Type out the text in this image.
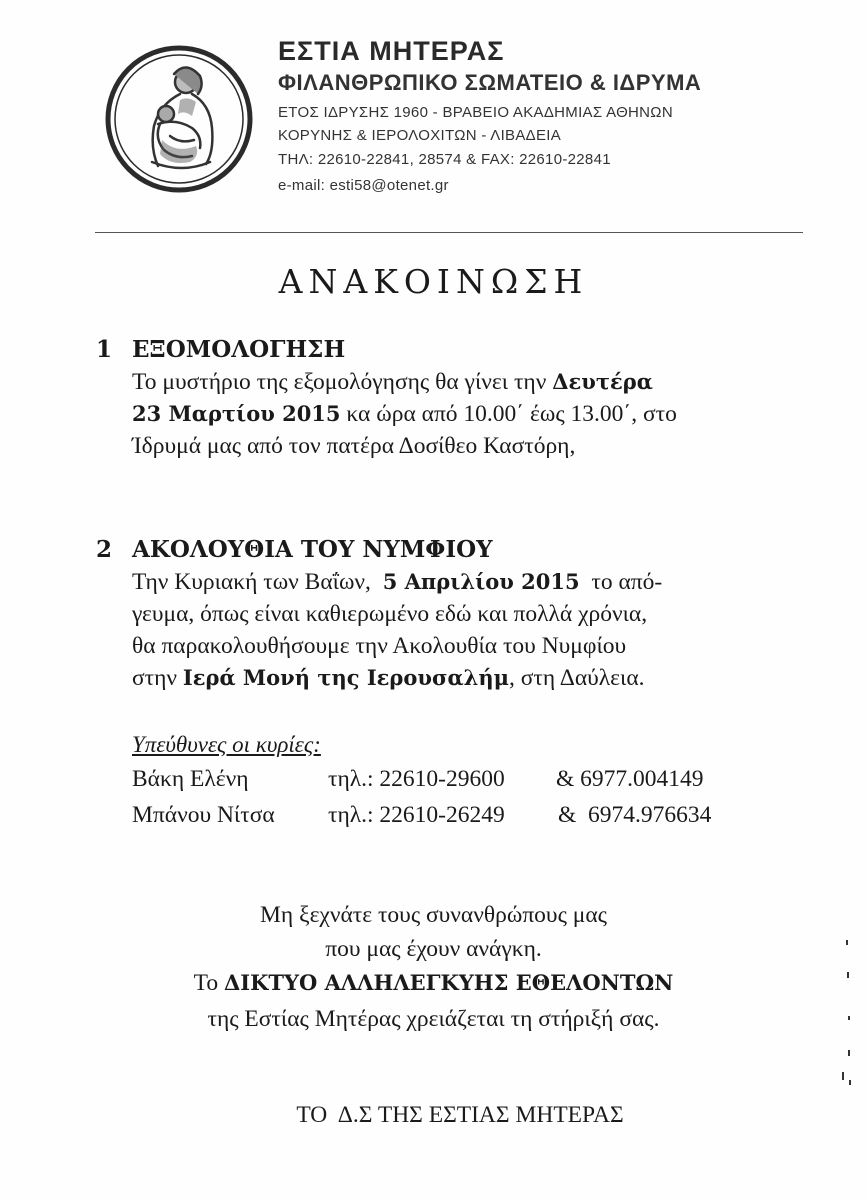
ΕΣΤΙΑ ΜΗΤΕΡΑΣ
ΦΙΛΑΝΘΡΩΠΙΚΟ ΣΩΜΑΤΕΙΟ & ΙΔΡΥΜΑ
ΕΤΟΣ ΙΔΡΥΣΗΣ 1960 - ΒΡΑΒΕΙΟ ΑΚΑΔΗΜΙΑΣ ΑΘΗΝΩΝ
ΚΟΡΥΝΗΣ & ΙΕΡΟΛΟΧΙΤΩΝ - ΛΙΒΑΔΕΙΑ
ΤΗΛ: 22610-22841, 28574 & FAX: 22610-22841
e-mail: esti58@otenet.gr
ΑΝΑΚΟΙΝΩΣΗ
1 ΕΞΟΜΟΛΟΓΗΣΗ
Το μυστήριο της εξομολόγησης θα γίνει την Δευτέρα
23 Μαρτίου 2015 κα ώρα από 10.00΄ έως 13.00΄, στο
Ίδρυμά μας από τον πατέρα Δοσίθεο Καστόρη,
2 ΑΚΟΛΟΥΘΙΑ ΤΟΥ ΝΥΜΦΙΟΥ
Την Κυριακή των Βαΐων,  5 Απριλίου 2015  το από-
γευμα, όπως είναι καθιερωμένο εδώ και πολλά χρόνια,
θα παρακολουθήσουμε την Ακολουθία του Νυμφίου
στην Ιερά Μονή της Ιερουσαλήμ, στη Δαύλεια.
Υπεύθυνες οι κυρίες:
Βάκη Ελένη	τηλ.: 22610-29600 & 6977.004149
Μπάνου Νίτσα τηλ.: 22610-26249 &  6974.976634
Μη ξεχνάτε τους συνανθρώπους μας
που μας έχουν ανάγκη.
Το ΔΙΚΤΥΟ ΑΛΛΗΛΕΓΚΥΗΣ ΕΘΕΛΟΝΤΩΝ
της Εστίας Μητέρας χρειάζεται τη στήριξή σας.
ΤΟ  Δ.Σ ΤΗΣ ΕΣΤΙΑΣ ΜΗΤΕΡΑΣ
